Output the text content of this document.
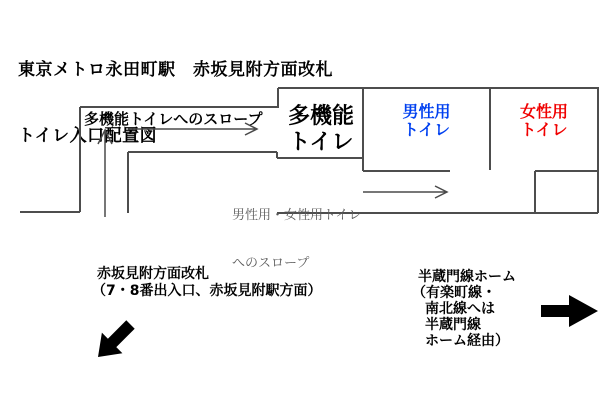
東京メトロ永田町駅　赤坂見附方面改札

トイレ入口配置図

多機能トイレへのスロープ	多機能
トイレ
男性用
トイレ
女性用
トイレ

男性用・女性用トイレ

へのスロープ

赤坂見附方面改札
（7・8番出入口、赤坂見附駅方面）
半蔵門線ホーム
（有楽町線・
南北線へは
半蔵門線
ホーム経由）
